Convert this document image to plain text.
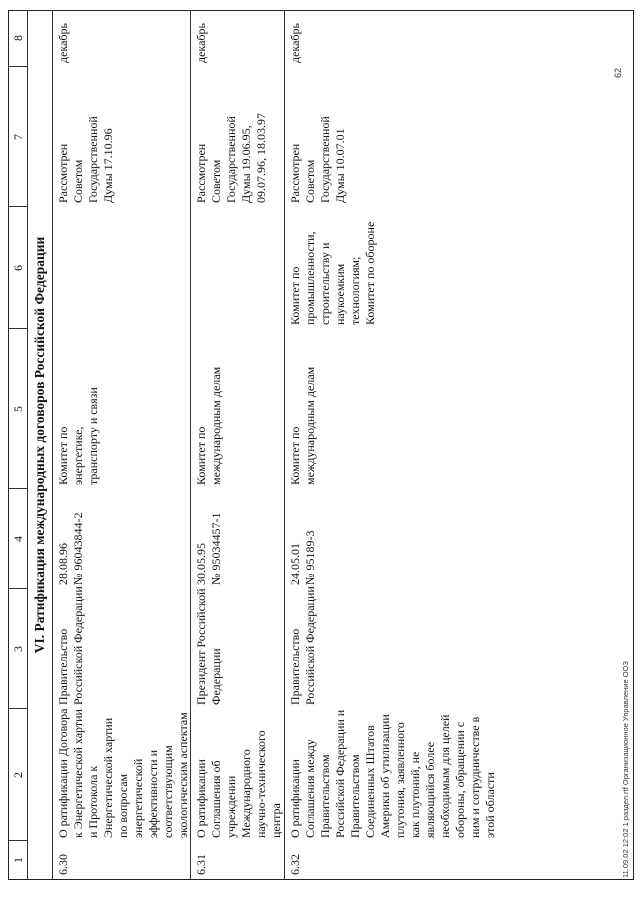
1
2
3
4
5
6
7
8
VI. Ратификация международных договоров Российской Федерации
6.30
О ратификации Договора
к Энергетической хартии
и Протокола к
Энергетической хартии
по вопросам
энергетической
эффективности и
соответствующим
экологическим аспектам
Правительство
Российской Федерации
28.08.96
№ 96043844-2
Комитет по
энергетике,
транспорту и связи
Рассмотрен
Советом
Государственной
Думы 17.10.96
декабрь
6.31
О ратификации
Соглашения об
учреждении
Международного
научно-технического
центра
Президент Российской
Федерации
30.05.95
№ 95034457-1
Комитет по
международным делам
Рассмотрен
Советом
Государственной
Думы 19.06.95,
09.07.96, 18.03.97
декабрь
6.32
О ратификации
Соглашения между
Правительством
Российской Федерации и
Правительством
Соединенных Штатов
Америки об утилизации
плутония, заявленного
как плутоний, не
являющийся более
необходимым для целей
обороны, обращении с
ним и сотрудничестве в
этой области
Правительство
Российской Федерации
24.05.01
№ 95189-3
Комитет по
международным делам
Комитет по
промышленности,
строительству и
наукоемким
технологиям;
Комитет по обороне
Рассмотрен
Советом
Государственной
Думы 10.07.01
декабрь
11.09.02 12:02 1 раздел.rtf Организационное Управление ООЗ
62
